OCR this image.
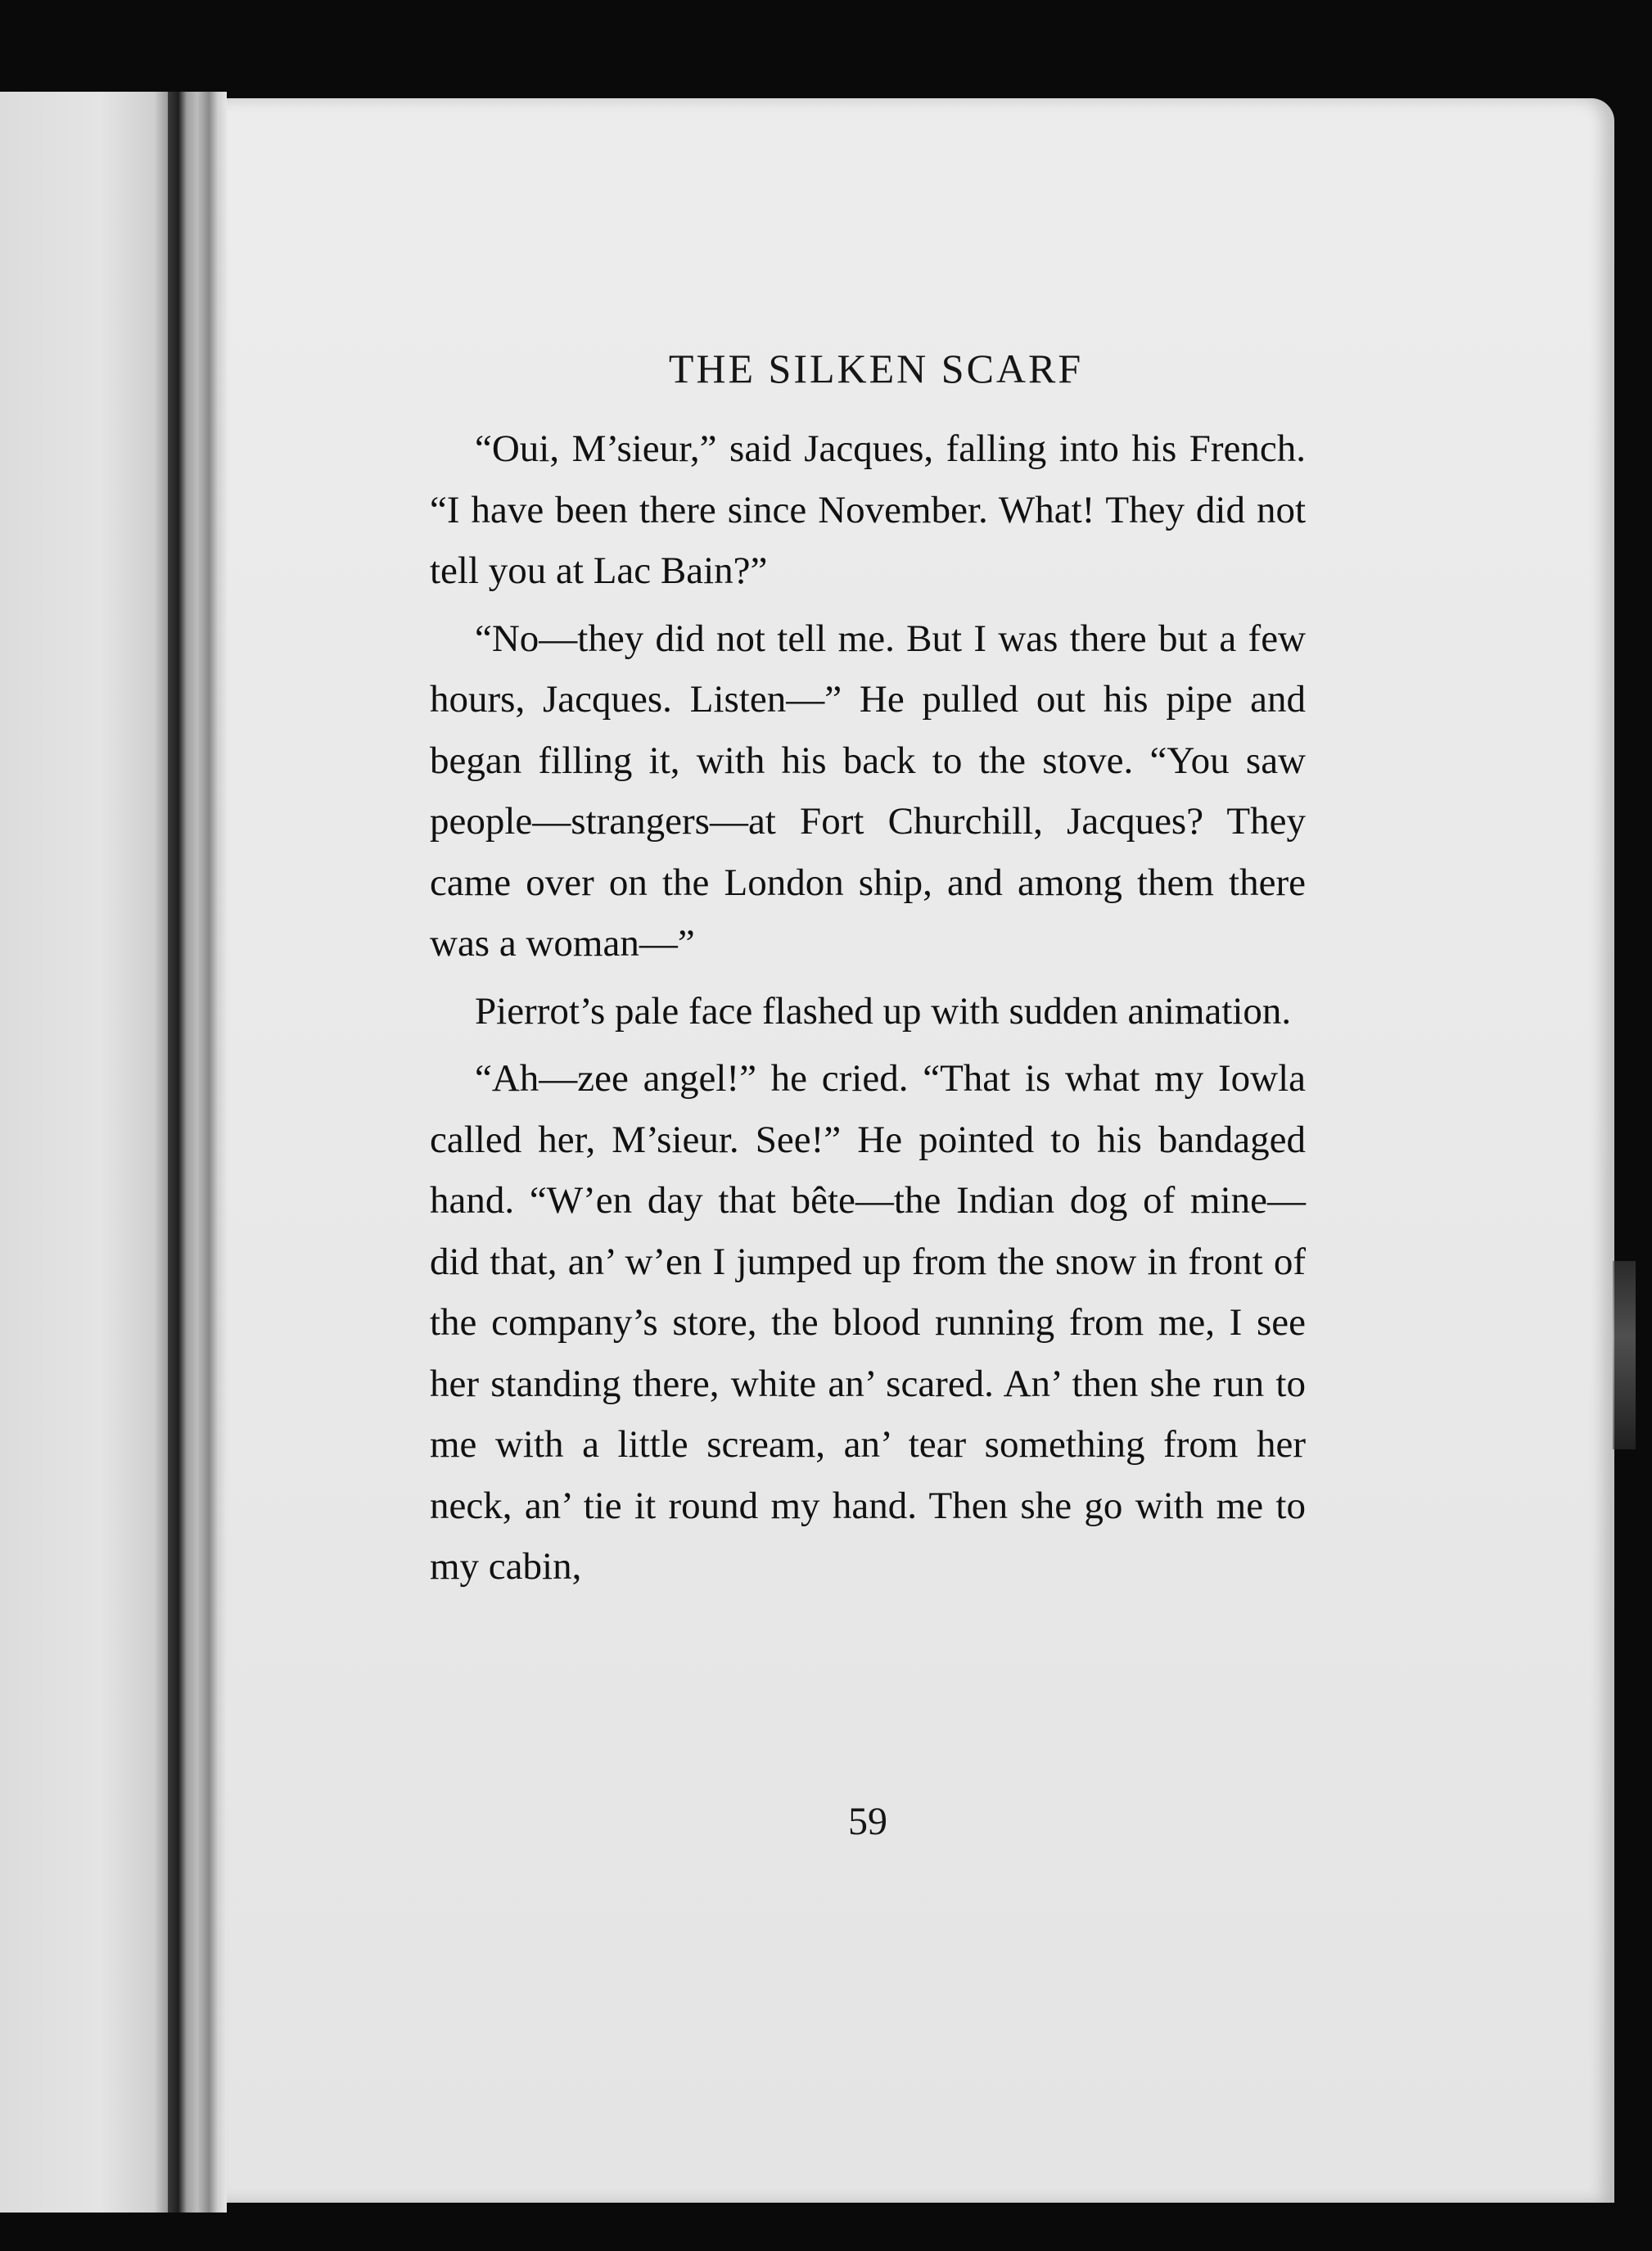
THE SILKEN SCARF

“Oui, M’sieur,” said Jacques, falling into his French. “I have been there since November. What! They did not tell you at Lac Bain?”

“No—they did not tell me. But I was there but a few hours, Jacques. Listen—” He pulled out his pipe and began filling it, with his back to the stove. “You saw people—strangers—at Fort Churchill, Jacques? They came over on the London ship, and among them there was a woman—”

Pierrot’s pale face flashed up with sudden animation.

“Ah—zee angel!” he cried. “That is what my Iowla called her, M’sieur. See!” He pointed to his bandaged hand. “W’en day that bête—the Indian dog of mine—did that, an’ w’en I jumped up from the snow in front of the company’s store, the blood running from me, I see her standing there, white an’ scared. An’ then she run to me with a little scream, an’ tear something from her neck, an’ tie it round my hand. Then she go with me to my cabin,

59
